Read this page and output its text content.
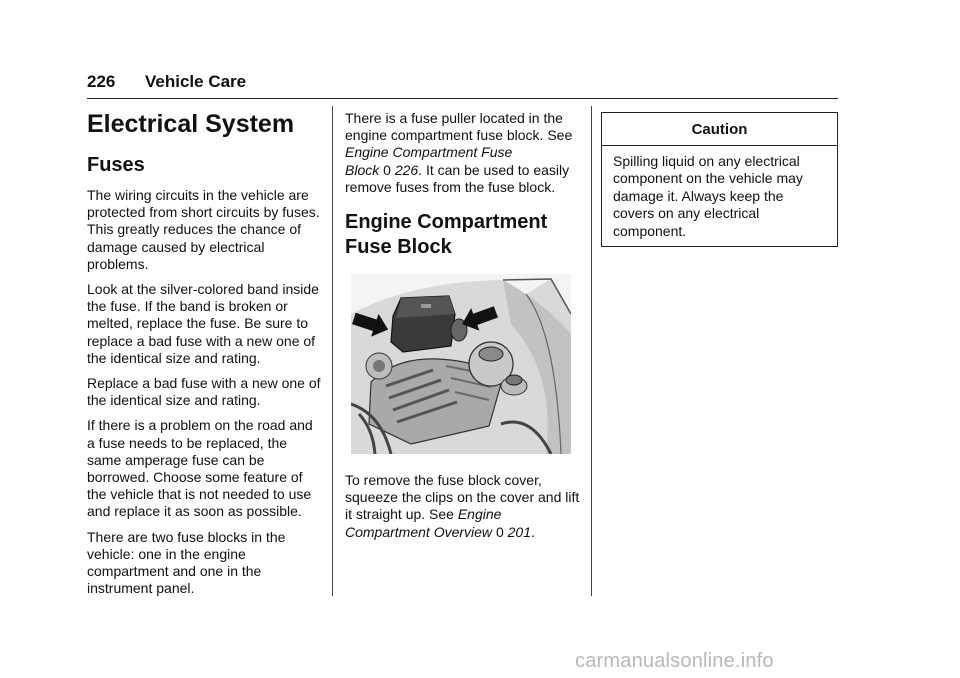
226 Vehicle Care
Electrical System
Fuses

The wiring circuits in the vehicle are protected from short circuits by fuses. This greatly reduces the chance of damage caused by electrical problems.

Look at the silver-colored band inside the fuse. If the band is broken or melted, replace the fuse. Be sure to replace a bad fuse with a new one of the identical size and rating.

Replace a bad fuse with a new one of the identical size and rating.

If there is a problem on the road and a fuse needs to be replaced, the same amperage fuse can be borrowed. Choose some feature of the vehicle that is not needed to use and replace it as soon as possible.

There are two fuse blocks in the vehicle: one in the engine compartment and one in the instrument panel.

There is a fuse puller located in the engine compartment fuse block. See Engine Compartment Fuse Block 0 226. It can be used to easily remove fuses from the fuse block.

Engine Compartment Fuse Block

To remove the fuse block cover, squeeze the clips on the cover and lift it straight up. See Engine Compartment Overview 0 201.

Caution
Spilling liquid on any electrical component on the vehicle may damage it. Always keep the covers on any electrical component.
carmanualsonline.info
